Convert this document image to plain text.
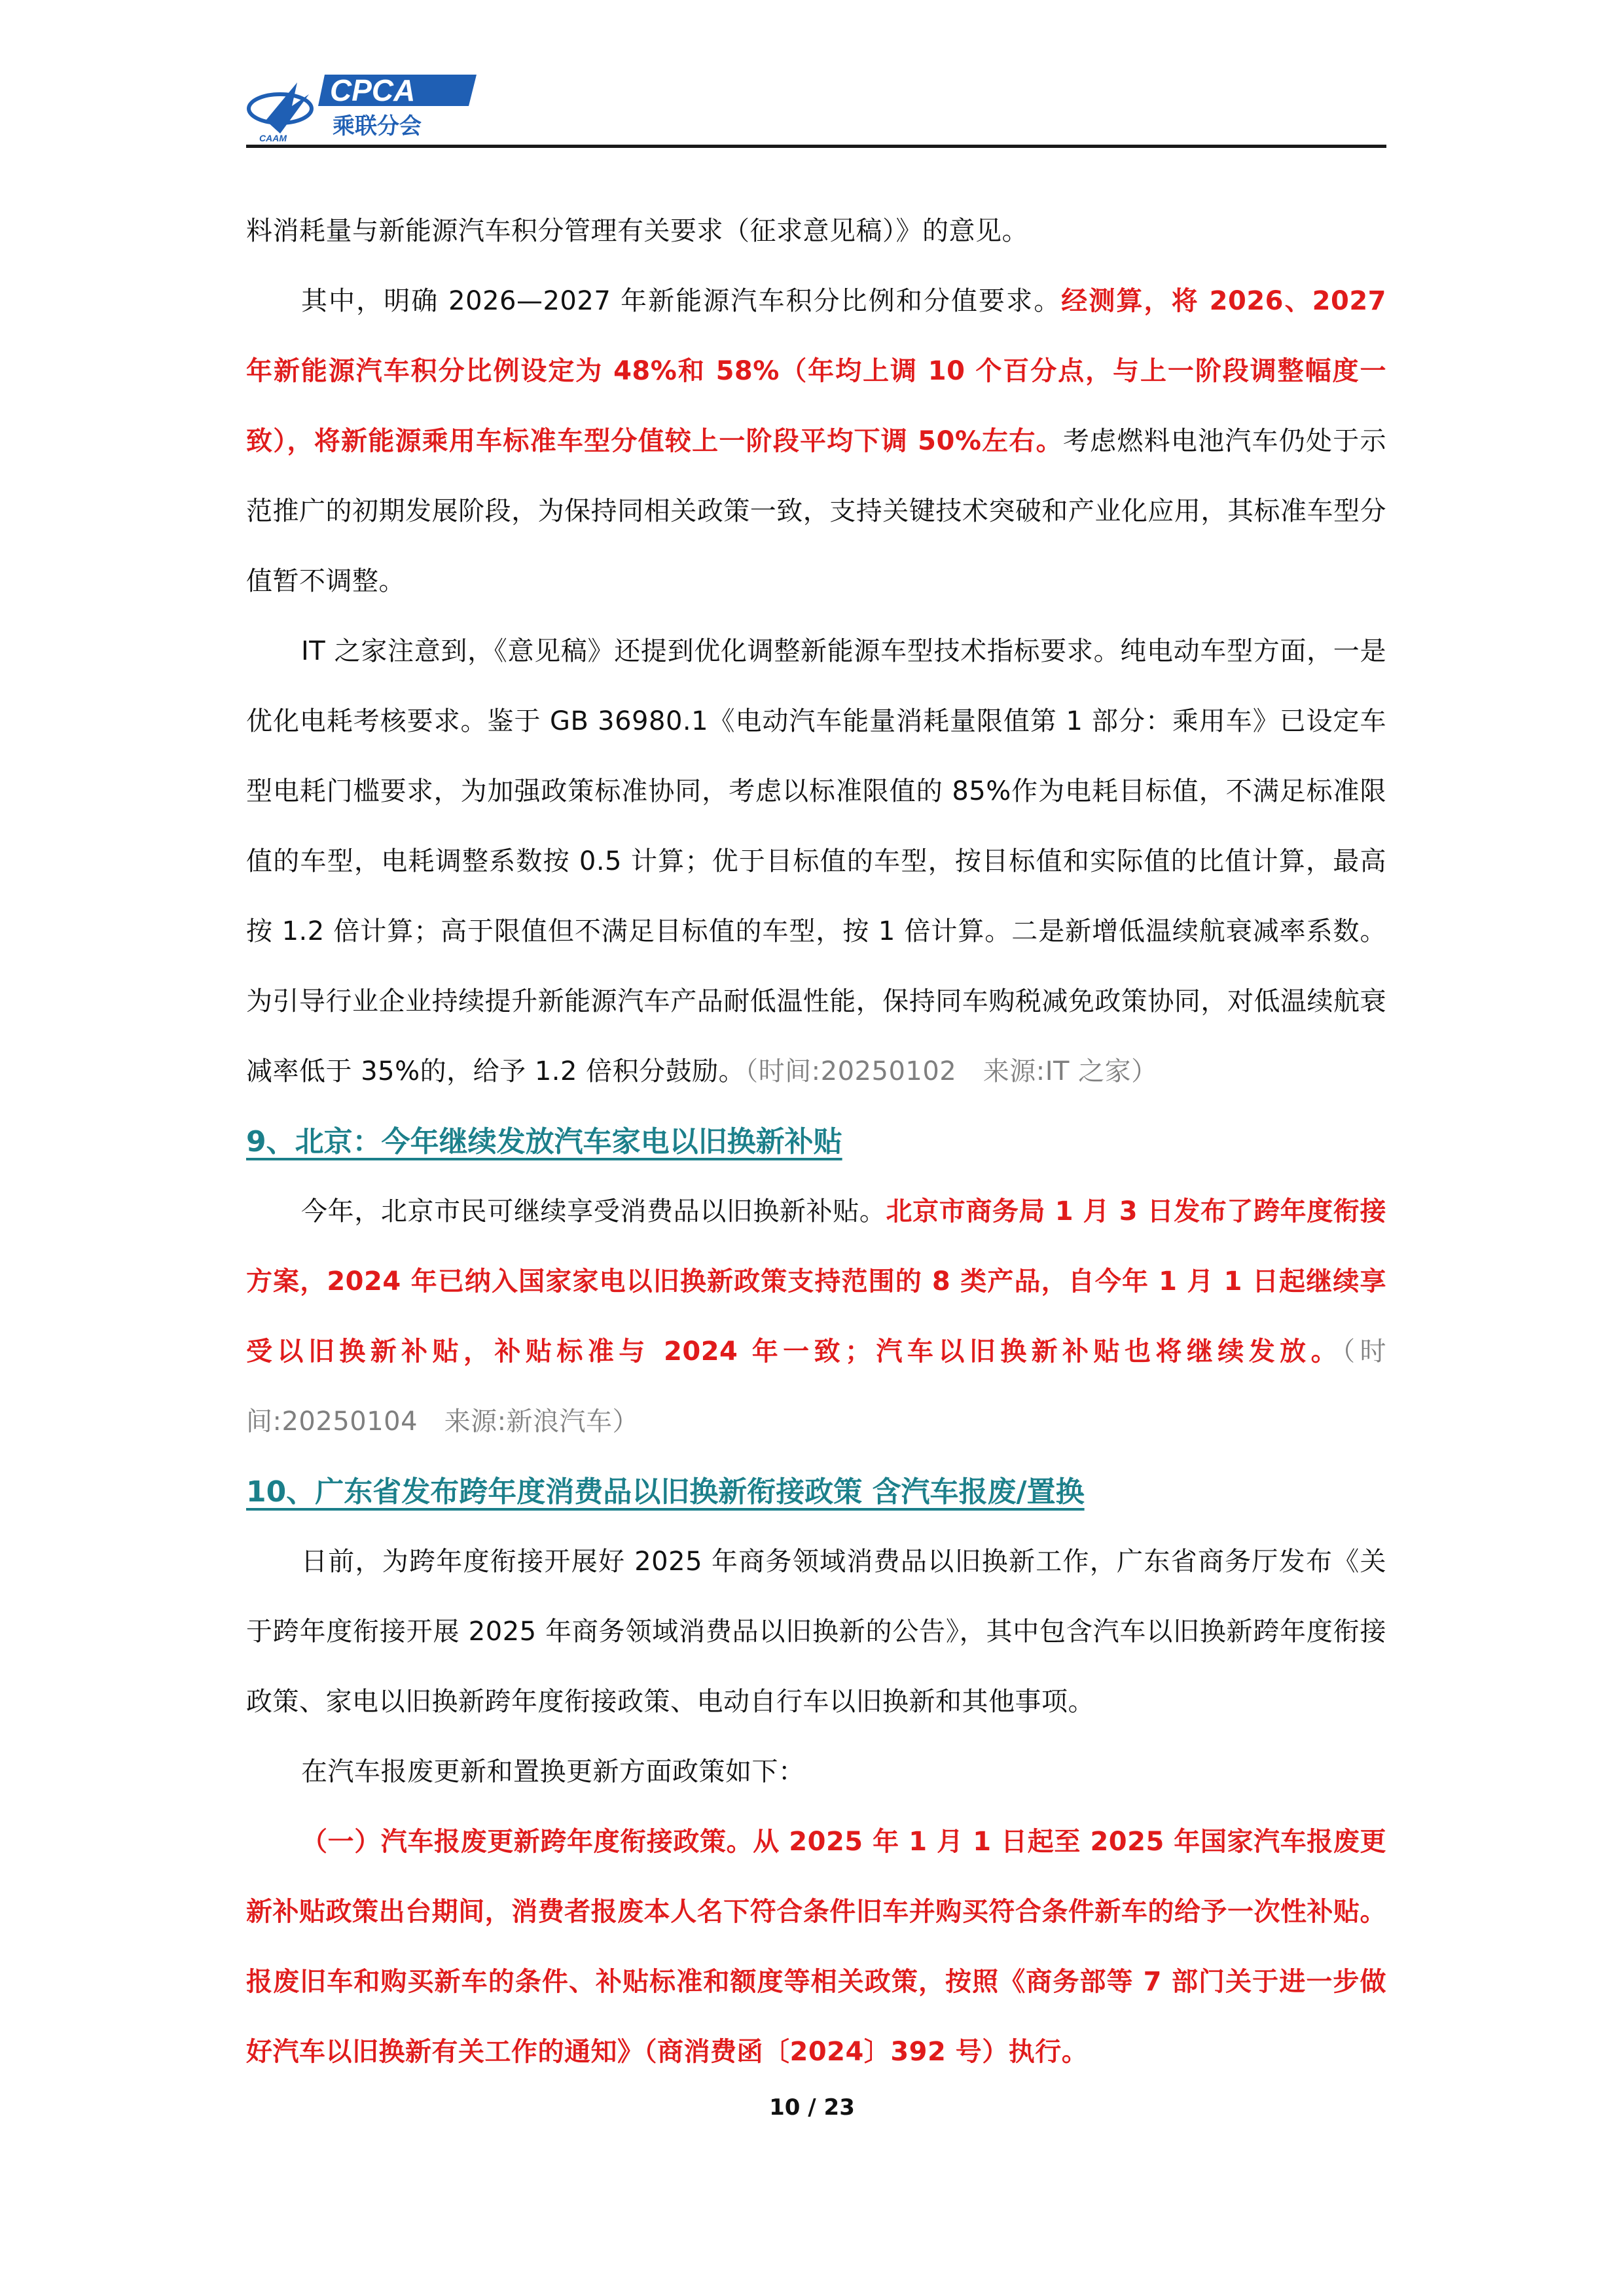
CAAM
CPCA
乘联分会

料消耗量与新能源汽车积分管理有关要求（征求意见稿）》的意见。

其中，明确 2026—2027 年新能源汽车积分比例和分值要求。经测算，将 2026、2027 年新能源汽车积分比例设定为 48%和 58%（年均上调 10 个百分点，与上一阶段调整幅度一致），将新能源乘用车标准车型分值较上一阶段平均下调 50%左右。考虑燃料电池汽车仍处于示范推广的初期发展阶段，为保持同相关政策一致，支持关键技术突破和产业化应用，其标准车型分值暂不调整。

IT 之家注意到，《意见稿》还提到优化调整新能源车型技术指标要求。纯电动车型方面，一是优化电耗考核要求。鉴于 GB 36980.1《电动汽车能量消耗量限值第 1 部分：乘用车》已设定车型电耗门槛要求，为加强政策标准协同，考虑以标准限值的 85%作为电耗目标值，不满足标准限值的车型，电耗调整系数按 0.5 计算；优于目标值的车型，按目标值和实际值的比值计算，最高按 1.2 倍计算；高于限值但不满足目标值的车型，按 1 倍计算。二是新增低温续航衰减率系数。为引导行业企业持续提升新能源汽车产品耐低温性能，保持同车购税减免政策协同，对低温续航衰减率低于 35%的，给予 1.2 倍积分鼓励。（时间:20250102　来源:IT 之家）

9、北京：今年继续发放汽车家电以旧换新补贴

今年，北京市民可继续享受消费品以旧换新补贴。北京市商务局 1 月 3 日发布了跨年度衔接方案，2024 年已纳入国家家电以旧换新政策支持范围的 8 类产品，自今年 1 月 1 日起继续享受以旧换新补贴，补贴标准与 2024 年一致；汽车以旧换新补贴也将继续发放。（时间:20250104　来源:新浪汽车）

10、广东省发布跨年度消费品以旧换新衔接政策 含汽车报废/置换

日前，为跨年度衔接开展好 2025 年商务领域消费品以旧换新工作，广东省商务厅发布《关于跨年度衔接开展 2025 年商务领域消费品以旧换新的公告》，其中包含汽车以旧换新跨年度衔接政策、家电以旧换新跨年度衔接政策、电动自行车以旧换新和其他事项。

在汽车报废更新和置换更新方面政策如下：

（一）汽车报废更新跨年度衔接政策。从 2025 年 1 月 1 日起至 2025 年国家汽车报废更新补贴政策出台期间，消费者报废本人名下符合条件旧车并购买符合条件新车的给予一次性补贴。报废旧车和购买新车的条件、补贴标准和额度等相关政策，按照《商务部等 7 部门关于进一步做好汽车以旧换新有关工作的通知》（商消费函〔2024〕392 号）执行。

10 / 23
